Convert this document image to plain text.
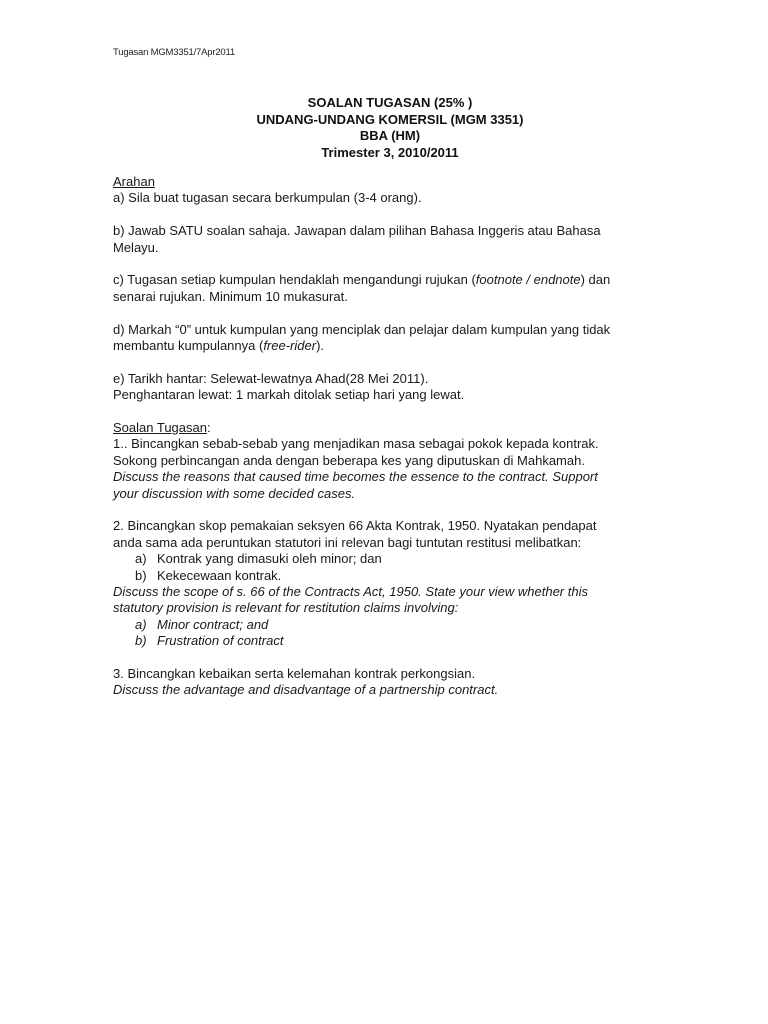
Tugasan MGM3351/7Apr2011
SOALAN TUGASAN (25% )
UNDANG-UNDANG KOMERSIL (MGM 3351)
BBA (HM)
Trimester 3, 2010/2011
Arahan
a) Sila buat tugasan secara berkumpulan (3-4 orang).
b) Jawab SATU soalan sahaja. Jawapan dalam pilihan Bahasa Inggeris atau Bahasa
Melayu.
c) Tugasan setiap kumpulan hendaklah mengandungi rujukan (footnote / endnote) dan
senarai rujukan. Minimum 10 mukasurat.
d) Markah “0” untuk kumpulan yang menciplak dan pelajar dalam kumpulan yang tidak
membantu kumpulannya (free-rider).
e) Tarikh hantar: Selewat-lewatnya Ahad(28 Mei 2011).
Penghantaran lewat: 1 markah ditolak setiap hari yang lewat.
Soalan Tugasan:
1.. Bincangkan sebab-sebab yang menjadikan masa sebagai pokok kepada kontrak.
Sokong perbincangan anda dengan beberapa kes yang diputuskan di Mahkamah.
Discuss the reasons that caused time becomes the essence to the contract. Support
your discussion with some decided cases.
2. Bincangkan skop pemakaian seksyen 66 Akta Kontrak, 1950. Nyatakan pendapat
anda sama ada peruntukan statutori ini relevan bagi tuntutan restitusi melibatkan:
a) Kontrak yang dimasuki oleh minor; dan
b) Kekecewaan kontrak.
Discuss the scope of s. 66 of the Contracts Act, 1950. State your view whether this
statutory provision is relevant for restitution claims involving:
a) Minor contract; and
b) Frustration of contract
3. Bincangkan kebaikan serta kelemahan kontrak perkongsian.
Discuss the advantage and disadvantage of a partnership contract.
